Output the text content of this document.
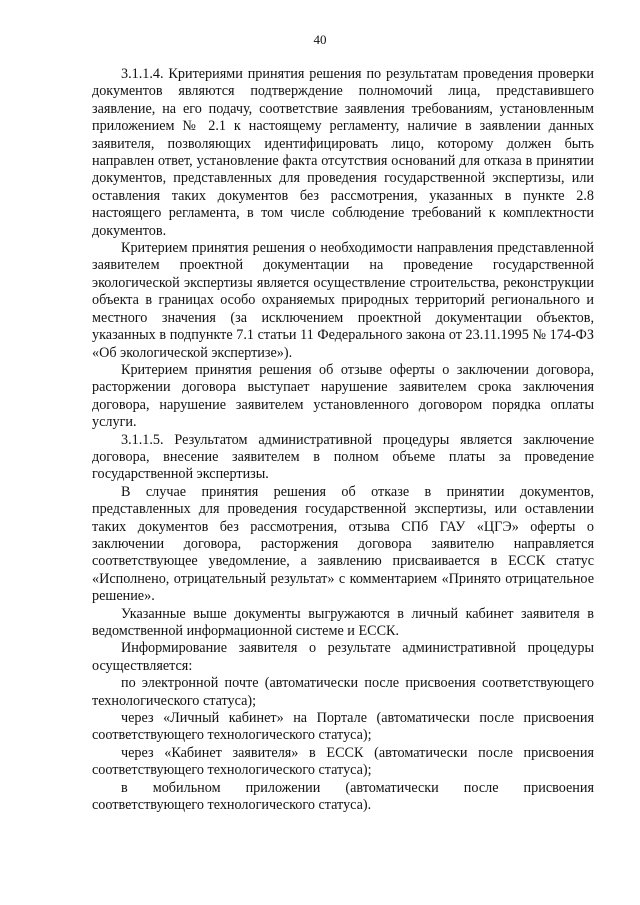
40

3.1.1.4. Критериями принятия решения по результатам проведения проверки документов являются подтверждение полномочий лица, представившего заявление, на его подачу, соответствие заявления требованиям, установленным приложением № 2.1 к настоящему регламенту, наличие в заявлении данных заявителя, позволяющих идентифицировать лицо, которому должен быть направлен ответ, установление факта отсутствия оснований для отказа в принятии документов, представленных для проведения государственной экспертизы, или оставления таких документов без рассмотрения, указанных в пункте 2.8 настоящего регламента, в том числе соблюдение требований к комплектности документов.

Критерием принятия решения о необходимости направления представленной заявителем проектной документации на проведение государственной экологической экспертизы является осуществление строительства, реконструкции объекта в границах особо охраняемых природных территорий регионального и местного значения (за исключением проектной документации объектов, указанных в подпункте 7.1 статьи 11 Федерального закона от 23.11.1995 № 174-ФЗ «Об экологической экспертизе»).

Критерием принятия решения об отзыве оферты о заключении договора, расторжении договора выступает нарушение заявителем срока заключения договора, нарушение заявителем установленного договором порядка оплаты услуги.

3.1.1.5. Результатом административной процедуры является заключение договора, внесение заявителем в полном объеме платы за проведение государственной экспертизы.

В случае принятия решения об отказе в принятии документов, представленных для проведения государственной экспертизы, или оставлении таких документов без рассмотрения, отзыва СПб ГАУ «ЦГЭ» оферты о заключении договора, расторжения договора заявителю направляется соответствующее уведомление, а заявлению присваивается в ЕССК статус «Исполнено, отрицательный результат» с комментарием «Принято отрицательное решение».

Указанные выше документы выгружаются в личный кабинет заявителя в ведомственной информационной системе и ЕССК.

Информирование заявителя о результате административной процедуры осуществляется:

по электронной почте (автоматически после присвоения соответствующего технологического статуса);

через «Личный кабинет» на Портале (автоматически после присвоения соответствующего технологического статуса);

через «Кабинет заявителя» в ЕССК (автоматически после присвоения соответствующего технологического статуса);

в мобильном приложении (автоматически после присвоения соответствующего технологического статуса).
